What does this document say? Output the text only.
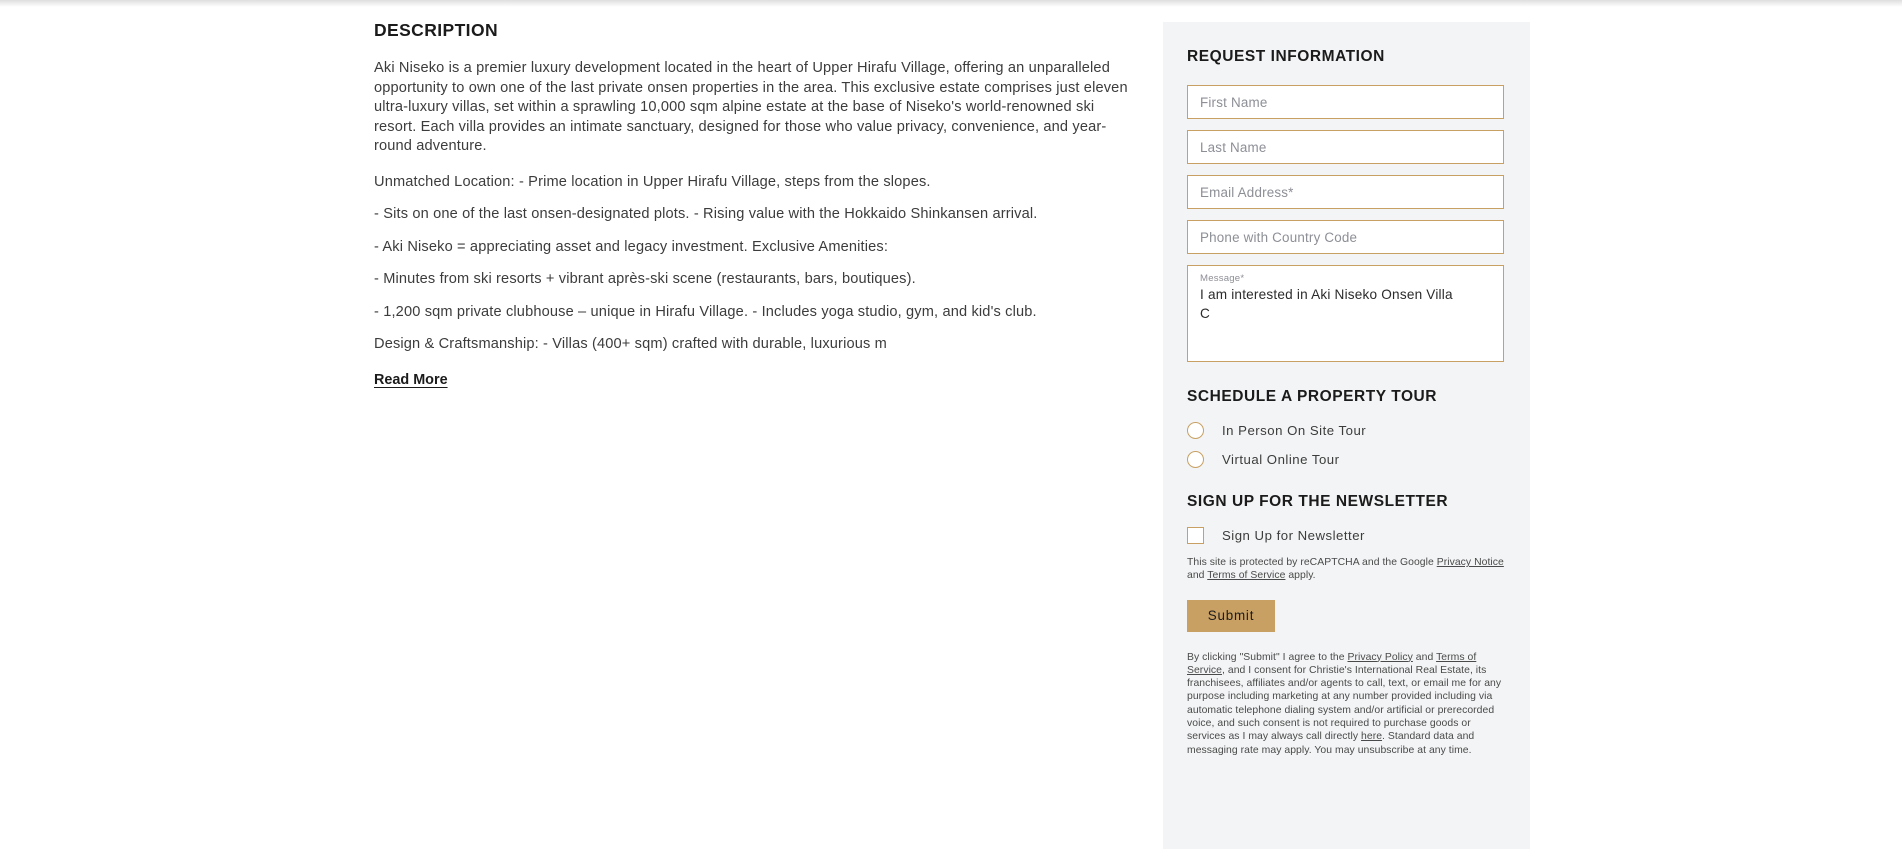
DESCRIPTION

Aki Niseko is a premier luxury development located in the heart of Upper Hirafu Village, offering an unparalleled opportunity to own one of the last private onsen properties in the area. This exclusive estate comprises just eleven ultra-luxury villas, set within a sprawling 10,000 sqm alpine estate at the base of Niseko's world-renowned ski resort. Each villa provides an intimate sanctuary, designed for those who value privacy, convenience, and year-round adventure.

Unmatched Location: - Prime location in Upper Hirafu Village, steps from the slopes.

- Sits on one of the last onsen-designated plots. - Rising value with the Hokkaido Shinkansen arrival.

- Aki Niseko = appreciating asset and legacy investment. Exclusive Amenities:

- Minutes from ski resorts + vibrant après-ski scene (restaurants, bars, boutiques).

- 1,200 sqm private clubhouse – unique in Hirafu Village. - Includes yoga studio, gym, and kid's club.

Design & Craftsmanship: - Villas (400+ sqm) crafted with durable, luxurious m

Read More
REQUEST INFORMATION
First Name
Last Name
Email Address*
Phone with Country Code
Message*
I am interested in Aki Niseko Onsen Villa C
SCHEDULE A PROPERTY TOUR
In Person On Site Tour
Virtual Online Tour
SIGN UP FOR THE NEWSLETTER
Sign Up for Newsletter

This site is protected by reCAPTCHA and the Google Privacy Notice and Terms of Service apply.

Submit

By clicking "Submit" I agree to the Privacy Policy and Terms of Service, and I consent for Christie's International Real Estate, its franchisees, affiliates and/or agents to call, text, or email me for any purpose including marketing at any number provided including via automatic telephone dialing system and/or artificial or prerecorded voice, and such consent is not required to purchase goods or services as I may always call directly here. Standard data and messaging rate may apply. You may unsubscribe at any time.
